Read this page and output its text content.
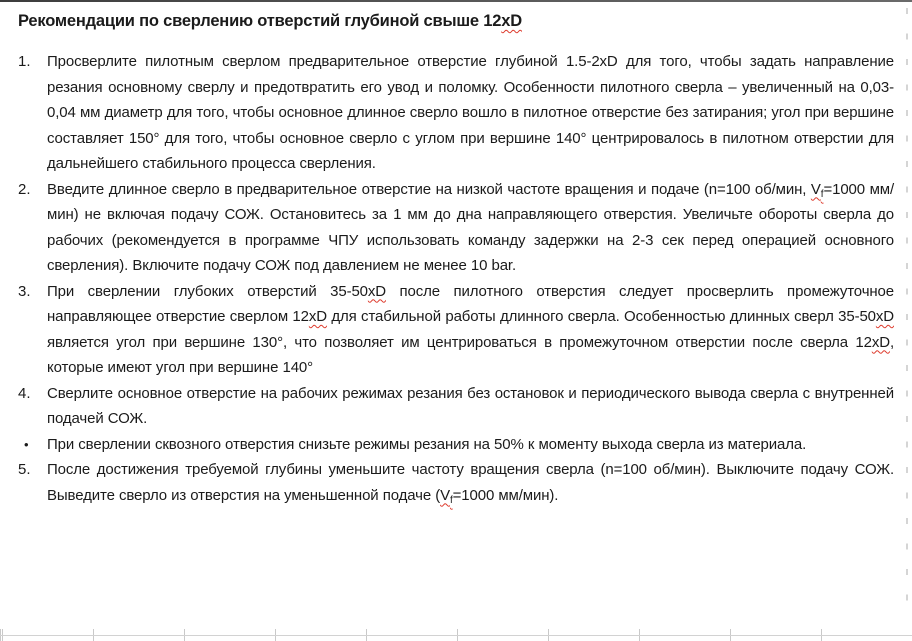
Рекомендации по сверлению отверстий глубиной свыше 12xD
1.	Просверлите пилотным сверлом предварительное отверстие глубиной 1.5-2xD для того, чтобы задать направление резания основному сверлу и предотвратить его увод и поломку. Особенности пилотного сверла – увеличенный на 0,03-0,04 мм диаметр для того, чтобы основное длинное сверло вошло в пилотное отверстие без затирания; угол при вершине составляет 150° для того, чтобы основное сверло с углом при вершине 140° центрировалось в пилотном отверстии для дальнейшего стабильного процесса сверления.

2.	Введите длинное сверло в предварительное отверстие на низкой частоте вращения и подаче (n=100 об/мин, $V_f=1000$ мм/мин) не включая подачу СОЖ. Остановитесь за 1 мм до дна направляющего отверстия. Увеличьте обороты сверла до рабочих (рекомендуется в программе ЧПУ использовать команду задержки на 2-3 сек перед операцией основного сверления). Включите подачу СОЖ под давлением не менее 10 bar.

3.	При сверлении глубоких отверстий 35-50xD после пилотного отверстия следует просверлить промежуточное направляющее отверстие сверлом 12xD для стабильной работы длинного сверла. Особенностью длинных сверл 35-50xD является угол при вершине 130°, что позволяет им центрироваться в промежуточном отверстии после сверла 12xD, которые имеют угол при вершине 140°

4.	Сверлите основное отверстие на рабочих режимах резания без остановок и периодического вывода сверла с внутренней подачей СОЖ.

•	При сверлении сквозного отверстия снизьте режимы резания на 50% к моменту выхода сверла из материала.

5.	После достижения требуемой глубины уменьшите частоту вращения сверла (n=100 об/мин). Выключите подачу СОЖ. Выведите сверло из отверстия на уменьшенной подаче ($V_f=1000$ мм/мин).
